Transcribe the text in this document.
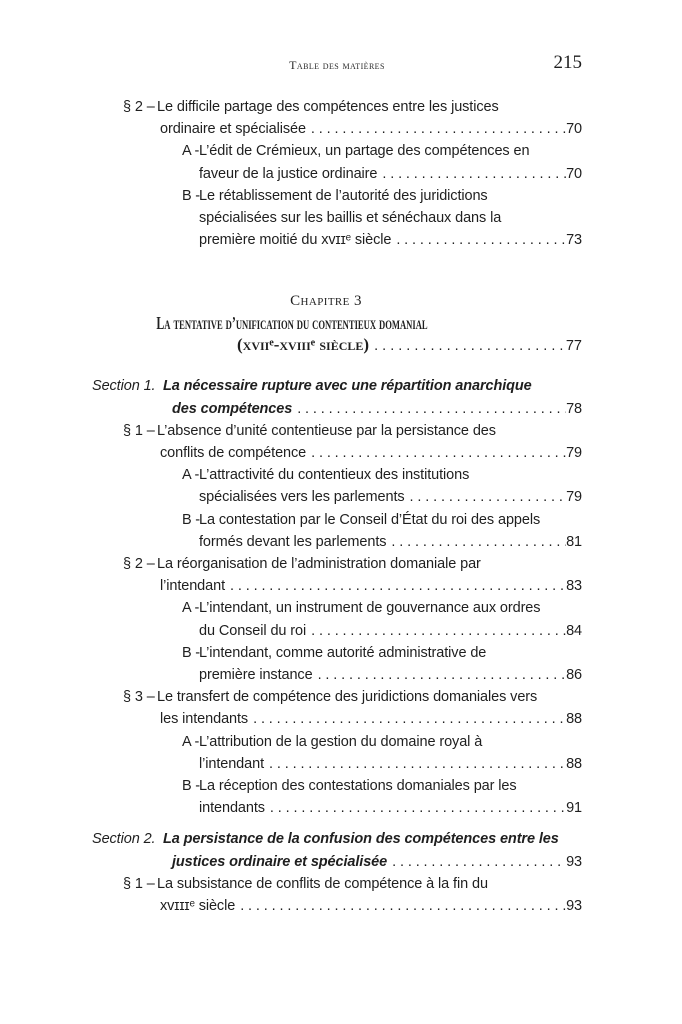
Table des matières	215
§ 2 – Le difficile partage des compétences entre les justices
ordinaire et spécialisée . . .	70
A -L’édit de Crémieux, un partage des compétences en
faveur de la justice ordinaire . . .	70
B -Le rétablissement de l’autorité des juridictions
spécialisées sur les baillis et sénéchaux dans la
première moitié du xᴠɪɪᵉ siècle . . .	73
Chapitre 3
La tentative d’unification du contentieux domanial
(xviiᵉ-xviiiᵉ siècle) . . .	77
Section 1. La nécessaire rupture avec une répartition anarchique
des compétences . . .	78
§ 1 – L’absence d’unité contentieuse par la persistance des
conflits de compétence . . .	79
A -L’attractivité du contentieux des institutions
spécialisées vers les parlements . . .	79
B -La contestation par le Conseil d’État du roi des appels
formés devant les parlements . . .	81
§ 2 – La réorganisation de l’administration domaniale par
l’intendant . . .	83
A -L’intendant, un instrument de gouvernance aux ordres
du Conseil du roi . . .	84
B -L’intendant, comme autorité administrative de
première instance . . .	86
§ 3 – Le transfert de compétence des juridictions domaniales vers
les intendants . . .	88
A -L’attribution de la gestion du domaine royal à
l’intendant . . .	88
B -La réception des contestations domaniales par les
intendants . . .	91
Section 2. La persistance de la confusion des compétences entre les
justices ordinaire et spécialisée . . .	93
§ 1 – La subsistance de conflits de compétence à la fin du
xᴠɪɪɪᵉ siècle . . .	93
